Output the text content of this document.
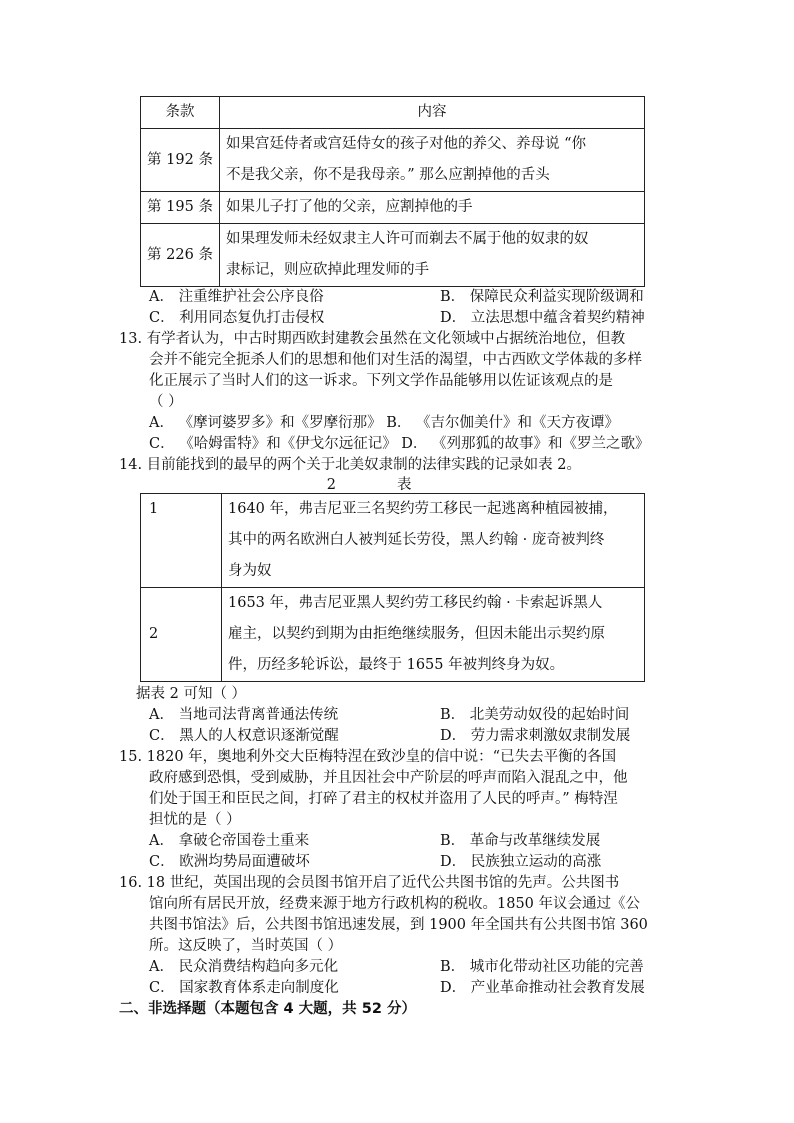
条款	内容
第 192 条	如果宫廷侍者或宫廷侍女的孩子对他的养父、养母说 “你
不是我父亲，你不是我母亲。” 那么应割掉他的舌头

第 195 条	如果儿子打了他的父亲，应割掉他的手

第 226 条	如果理发师未经奴隶主人许可而剃去不属于他的奴隶的奴
隶标记，则应砍掉此理发师的手
A． 注重维护社会公序良俗	B． 保障民众利益实现阶级调和
C． 利用同态复仇打击侵权	D． 立法思想中蕴含着契约精神
13. 有学者认为，中古时期西欧封建教会虽然在文化领域中占据统治地位，但教
会并不能完全扼杀人们的思想和他们对生活的渴望，中古西欧文学体裁的多样
化正展示了当时人们的这一诉求。下列文学作品能够用以佐证该观点的是
（ ）
A． 《摩诃婆罗多》和《罗摩衍那》 B． 《吉尔伽美什》和《天方夜谭》
C． 《哈姆雷特》和《伊戈尔远征记》 D． 《列那狐的故事》和《罗兰之歌》
14. 目前能找到的最早的两个关于北美奴隶制的法律实践的记录如表 2。
1	1640 年，弗吉尼亚三名契约劳工移民一起逃离种植园被捕，
其中的两名欧洲白人被判延长劳役，黑人约翰 · 庞奇被判终
身为奴

2	1653 年，弗吉尼亚黑人契约劳工移民约翰 · 卡索起诉黑人
雇主，以契约到期为由拒绝继续服务，但因未能出示契约原
件，历经多轮诉讼，最终于 1655 年被判终身为奴。
据表 2 可知（ ）
A． 当地司法背离普通法传统	B． 北美劳动奴役的起始时间
C． 黑人的人权意识逐渐觉醒	D． 劳力需求刺激奴隶制发展
15. 1820 年，奥地利外交大臣梅特涅在致沙皇的信中说：“已失去平衡的各国
政府感到恐惧，受到威胁，并且因社会中产阶层的呼声而陷入混乱之中，他
们处于国王和臣民之间，打碎了君主的权杖并盗用了人民的呼声。” 梅特涅
担忧的是（ ）
A． 拿破仑帝国卷土重来	B． 革命与改革继续发展
C． 欧洲均势局面遭破坏	D． 民族独立运动的高涨
16. 18 世纪，英国出现的会员图书馆开启了近代公共图书馆的先声。公共图书
馆向所有居民开放，经费来源于地方行政机构的税收。1850 年议会通过《公
共图书馆法》后，公共图书馆迅速发展，到 1900 年全国共有公共图书馆 360
所。这反映了，当时英国（ ）
A． 民众消费结构趋向多元化	B． 城市化带动社区功能的完善
C． 国家教育体系走向制度化	D． 产业革命推动社会教育发展
二、非选择题（本题包含 4 大题，共 52 分）
